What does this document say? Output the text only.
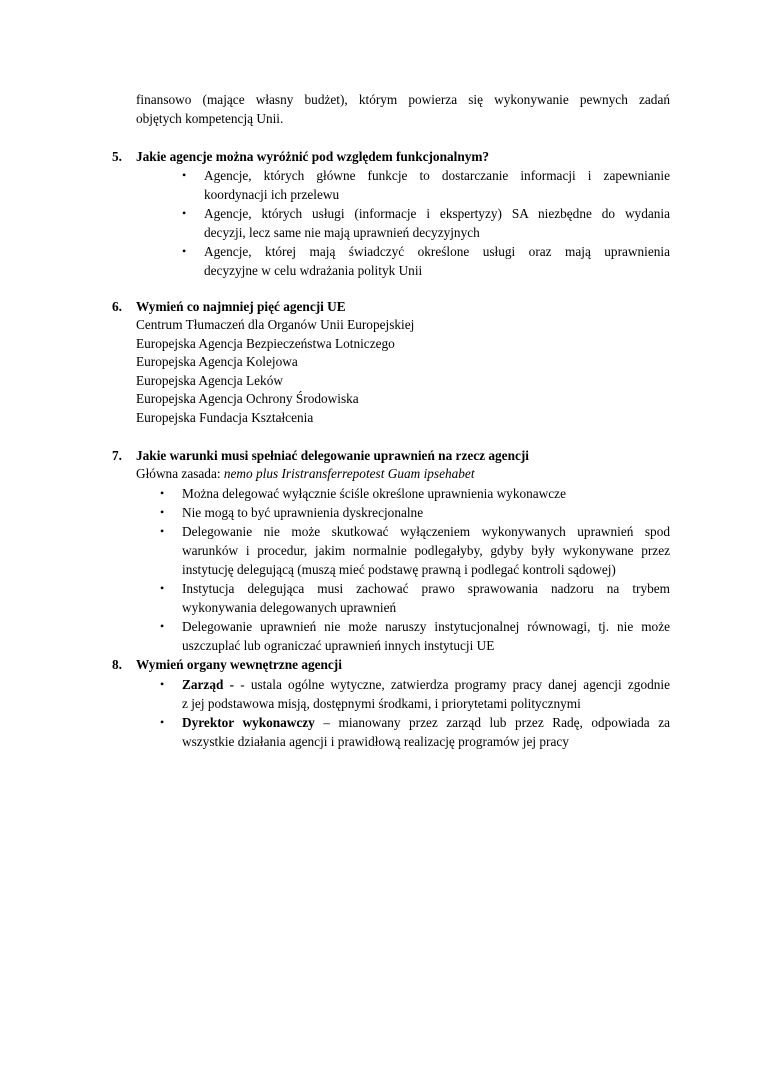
finansowo (mające własny budżet), którym powierza się wykonywanie pewnych zadań
objętych kompetencją Unii.
5. Jakie agencje można wyróżnić pod względem funkcjonalnym?
• Agencje, których główne funkcje to dostarczanie informacji i zapewnianie
koordynacji ich przelewu
• Agencje, których usługi (informacje i ekspertyzy) SA niezbędne do wydania
decyzji, lecz same nie mają uprawnień decyzyjnych
• Agencje, której mają świadczyć określone usługi oraz mają uprawnienia
decyzyjne w celu wdrażania polityk Unii
6. Wymień co najmniej pięć agencji UE
Centrum Tłumaczeń dla Organów Unii Europejskiej
Europejska Agencja Bezpieczeństwa Lotniczego
Europejska Agencja Kolejowa
Europejska Agencja Leków
Europejska Agencja Ochrony Środowiska
Europejska Fundacja Kształcenia
7. Jakie warunki musi spełniać delegowanie uprawnień na rzecz agencji
Główna zasada: nemo plus Iristransferrepotest Guam ipsehabet
• Można delegować wyłącznie ściśle określone uprawnienia wykonawcze
• Nie mogą to być uprawnienia dyskrecjonalne
• Delegowanie nie może skutkować wyłączeniem wykonywanych uprawnień spod
warunków i procedur, jakim normalnie podlegałyby, gdyby były wykonywane przez
instytucję delegującą (muszą mieć podstawę prawną i podlegać kontroli sądowej)
• Instytucja delegująca musi zachować prawo sprawowania nadzoru na trybem
wykonywania delegowanych uprawnień
• Delegowanie uprawnień nie może naruszy instytucjonalnej równowagi, tj. nie może
uszczuplać lub ograniczać uprawnień innych instytucji UE
8. Wymień organy wewnętrzne agencji
• Zarząd - - ustala ogólne wytyczne, zatwierdza programy pracy danej agencji zgodnie
z jej podstawowa misją, dostępnymi środkami, i priorytetami politycznymi
• Dyrektor wykonawczy – mianowany przez zarząd lub przez Radę, odpowiada za
wszystkie działania agencji i prawidłową realizację programów jej pracy
